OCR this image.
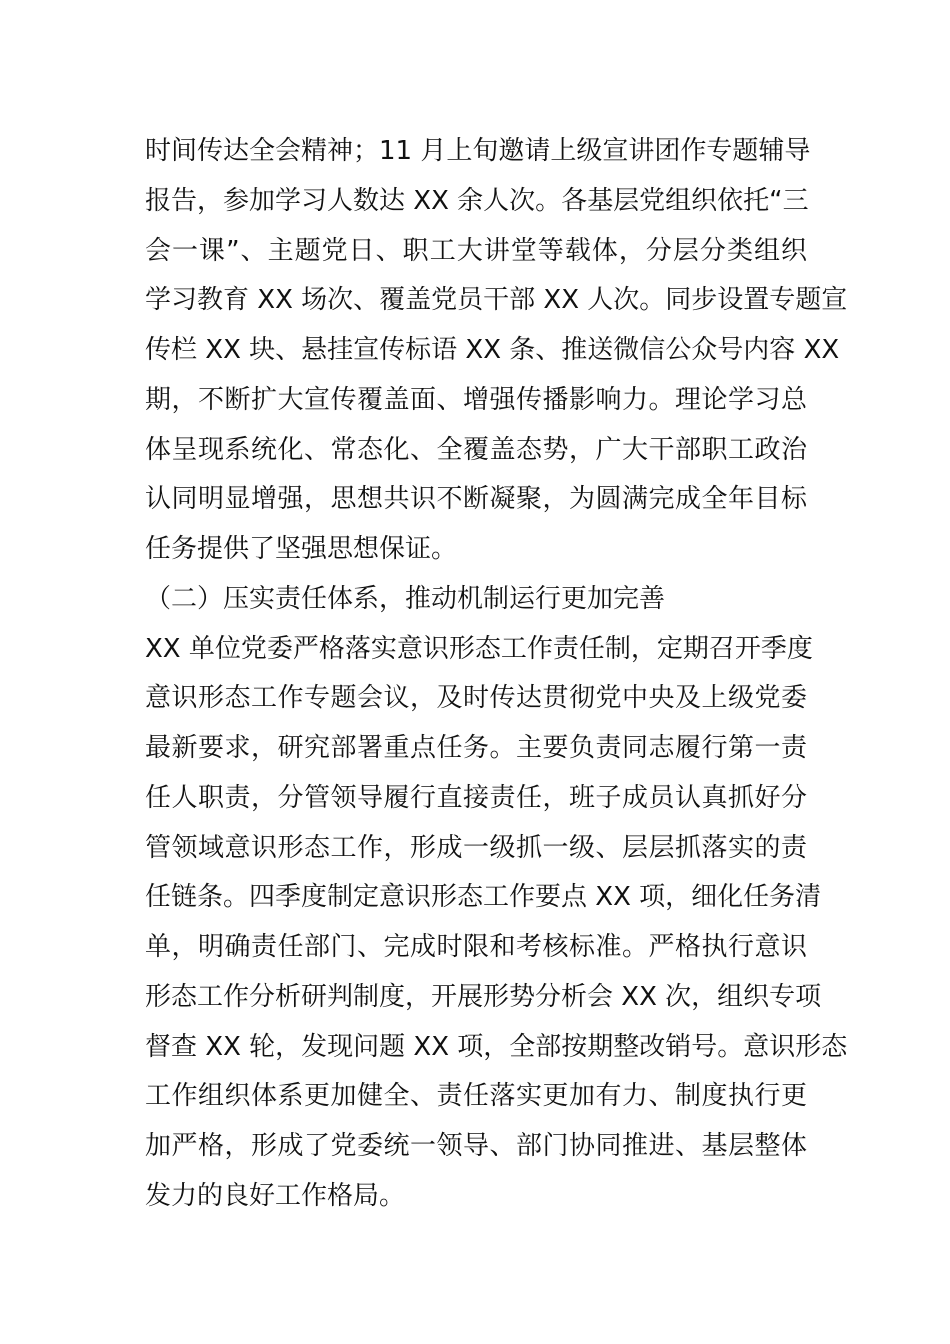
时间传达全会精神；11 月上旬邀请上级宣讲团作专题辅导
报告，参加学习人数达 XX 余人次。各基层党组织依托“三
会一课”、主题党日、职工大讲堂等载体，分层分类组织
学习教育 XX 场次、覆盖党员干部 XX 人次。同步设置专题宣
传栏 XX 块、悬挂宣传标语 XX 条、推送微信公众号内容 XX
期，不断扩大宣传覆盖面、增强传播影响力。理论学习总
体呈现系统化、常态化、全覆盖态势，广大干部职工政治
认同明显增强，思想共识不断凝聚，为圆满完成全年目标
任务提供了坚强思想保证。
（二）压实责任体系，推动机制运行更加完善
XX 单位党委严格落实意识形态工作责任制，定期召开季度
意识形态工作专题会议，及时传达贯彻党中央及上级党委
最新要求，研究部署重点任务。主要负责同志履行第一责
任人职责，分管领导履行直接责任，班子成员认真抓好分
管领域意识形态工作，形成一级抓一级、层层抓落实的责
任链条。四季度制定意识形态工作要点 XX 项，细化任务清
单，明确责任部门、完成时限和考核标准。严格执行意识
形态工作分析研判制度，开展形势分析会 XX 次，组织专项
督查 XX 轮，发现问题 XX 项，全部按期整改销号。意识形态
工作组织体系更加健全、责任落实更加有力、制度执行更
加严格，形成了党委统一领导、部门协同推进、基层整体
发力的良好工作格局。
